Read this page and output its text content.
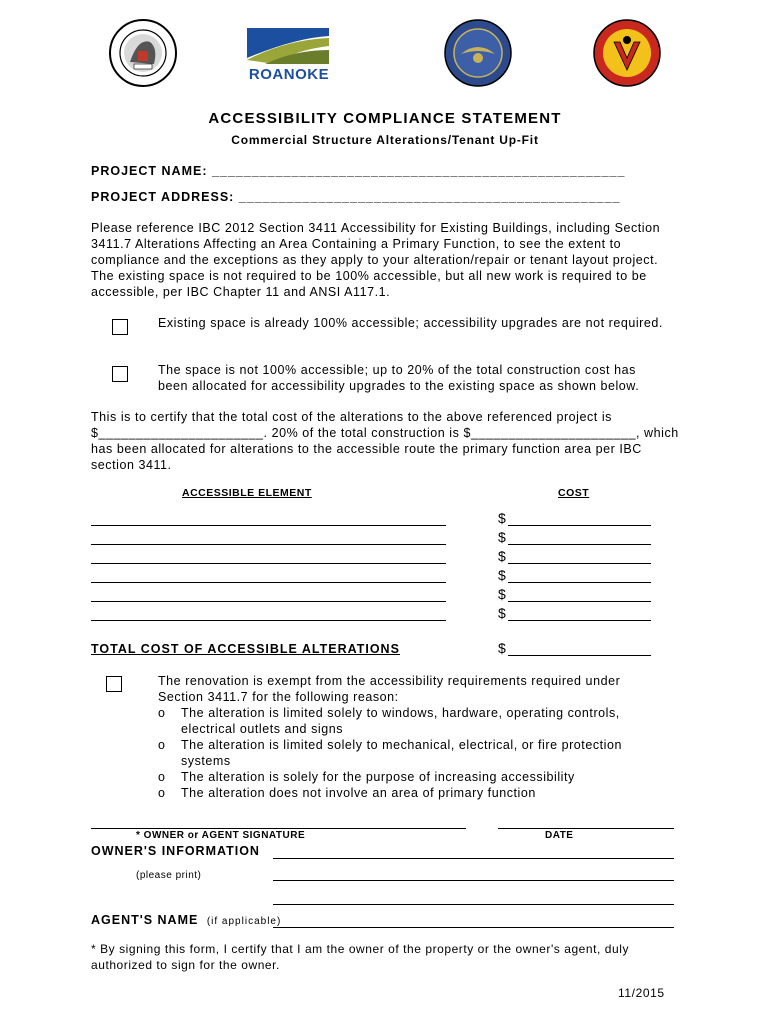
ROANOKE
ACCESSIBILITY COMPLIANCE STATEMENT
Commercial Structure Alterations/Tenant Up-Fit
PROJECT NAME: ____________________________________________________
PROJECT ADDRESS: ________________________________________________
Please reference IBC 2012 Section 3411 Accessibility for Existing Buildings, including Section 3411.7 Alterations Affecting an Area Containing a Primary Function, to see the extent to compliance and the exceptions as they apply to your alteration/repair or tenant layout project. The existing space is not required to be 100% accessible, but all new work is required to be accessible, per IBC Chapter 11 and ANSI A117.1.
Existing space is already 100% accessible; accessibility upgrades are not required.
The space is not 100% accessible; up to 20% of the total construction cost has been allocated for accessibility upgrades to the existing space as shown below.
This is to certify that the total cost of the alterations to the above referenced project is $______________________. 20% of the total construction is $______________________, which has been allocated for alterations to the accessible route the primary function area per IBC section 3411.
ACCESSIBLE ELEMENT	COST
$
$
$
$
$
$
TOTAL COST OF ACCESSIBLE ALTERATIONS	$
The renovation is exempt from the accessibility requirements required under Section 3411.7 for the following reason:
o The alteration is limited solely to windows, hardware, operating controls, electrical outlets and signs
o The alteration is limited solely to mechanical, electrical, or fire protection systems
o The alteration is solely for the purpose of increasing accessibility
o The alteration does not involve an area of primary function
* OWNER or AGENT SIGNATURE	DATE
OWNER'S INFORMATION
(please print)
AGENT'S NAME (if applicable)
* By signing this form, I certify that I am the owner of the property or the owner's agent, duly authorized to sign for the owner.
11/2015
